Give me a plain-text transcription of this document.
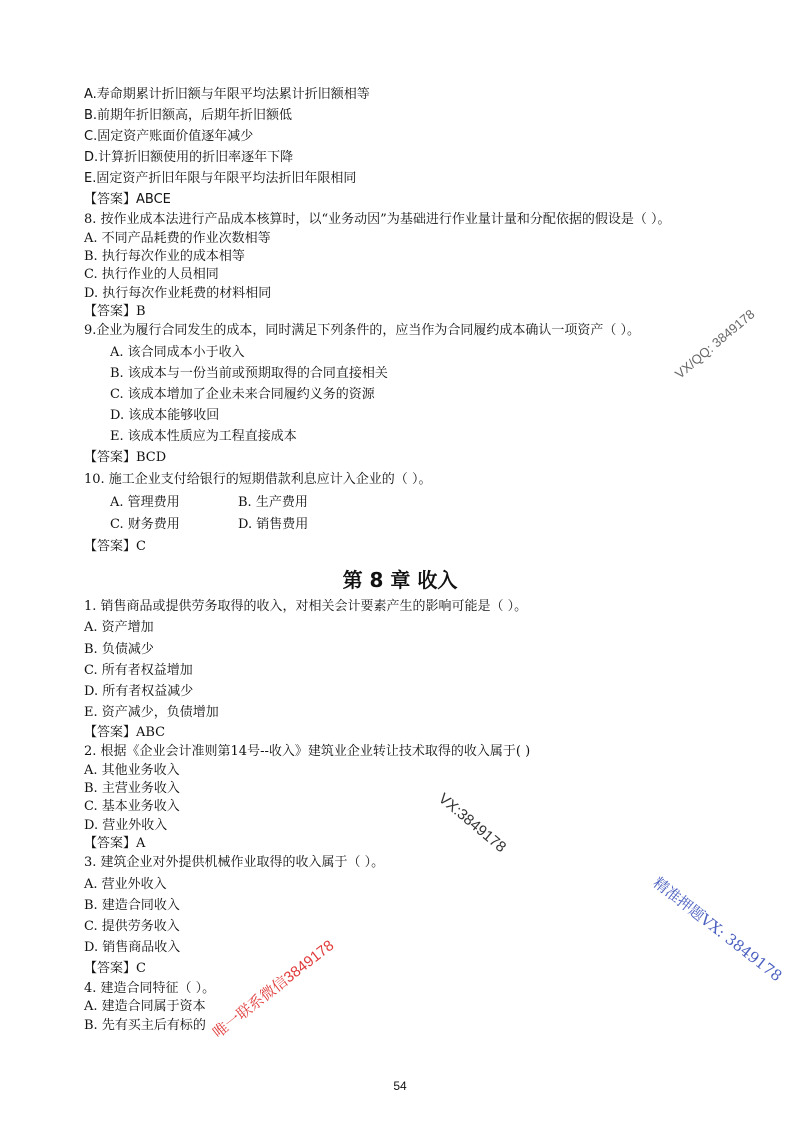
A.寿命期累计折旧额与年限平均法累计折旧额相等
B.前期年折旧额高，后期年折旧额低
C.固定资产账面价值逐年减少
D.计算折旧额使用的折旧率逐年下降
E.固定资产折旧年限与年限平均法折旧年限相同
【答案】ABCE
8. 按作业成本法进行产品成本核算时，以“业务动因”为基础进行作业量计量和分配依据的假设是（ ）。
A. 不同产品耗费的作业次数相等
B. 执行每次作业的成本相等
C. 执行作业的人员相同
D. 执行每次作业耗费的材料相同
【答案】B
9.企业为履行合同发生的成本，同时满足下列条件的，应当作为合同履约成本确认一项资产（ ）。
A. 该合同成本小于收入
B. 该成本与一份当前或预期取得的合同直接相关
C. 该成本增加了企业未来合同履约义务的资源
D. 该成本能够收回
E. 该成本性质应为工程直接成本
【答案】BCD
10. 施工企业支付给银行的短期借款利息应计入企业的（ ）。
A. 管理费用	B. 生产费用
C. 财务费用	D. 销售费用
【答案】C
第 8 章 收入
1. 销售商品或提供劳务取得的收入，对相关会计要素产生的影响可能是（ ）。
A. 资产增加
B. 负债减少
C. 所有者权益增加
D. 所有者权益减少
E. 资产减少，负债增加
【答案】ABC
2. 根据《企业会计准则第14号--收入》建筑业企业转让技术取得的收入属于( )
A. 其他业务收入
B. 主营业务收入
C. 基本业务收入
D. 营业外收入
【答案】A
3. 建筑企业对外提供机械作业取得的收入属于（ ）。
A. 营业外收入
B. 建造合同收入
C. 提供劳务收入
D. 销售商品收入
【答案】C
4. 建造合同特征（ ）。
A. 建造合同属于资本
B. 先有买主后有标的
VX/QQ: 3849178
VX:3849178
精准押题VX: 3849178
唯一联系微信3849178
54
